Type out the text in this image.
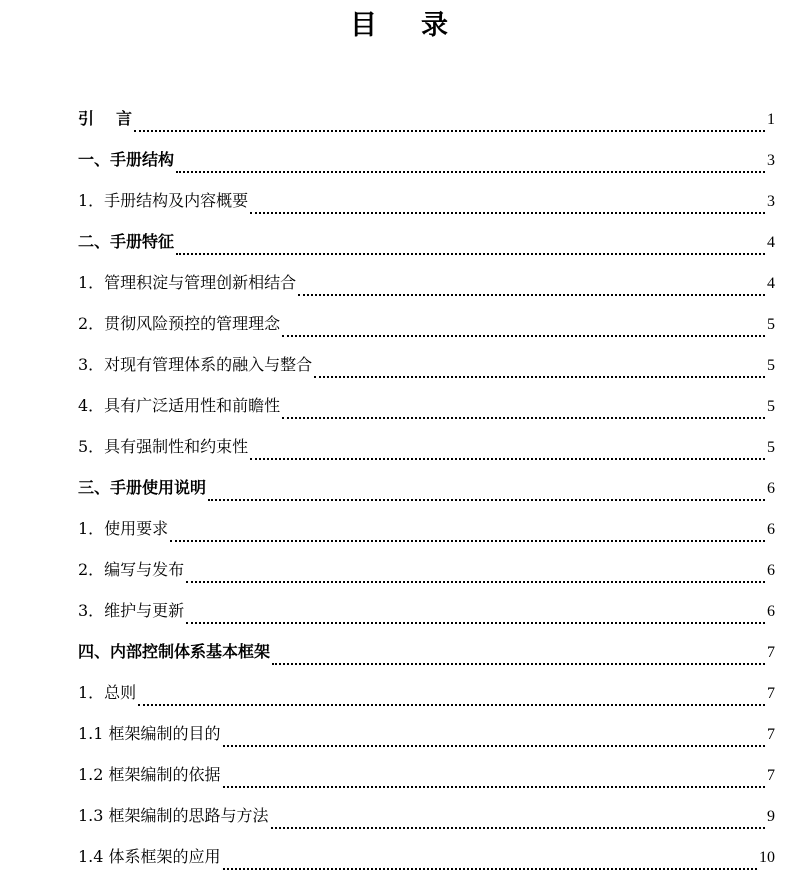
目 录
引 言	1
一、手册结构	3
1．手册结构及内容概要	3
二、手册特征	4
1．管理积淀与管理创新相结合	4
2．贯彻风险预控的管理理念	5
3．对现有管理体系的融入与整合	5
4．具有广泛适用性和前瞻性	5
5．具有强制性和约束性	5
三、手册使用说明	6
1．使用要求	6
2．编写与发布	6
3．维护与更新	6
四、内部控制体系基本框架	7
1．总则	7
1.1 框架编制的目的	7
1.2 框架编制的依据	7
1.3 框架编制的思路与方法	9
1.4 体系框架的应用	10
